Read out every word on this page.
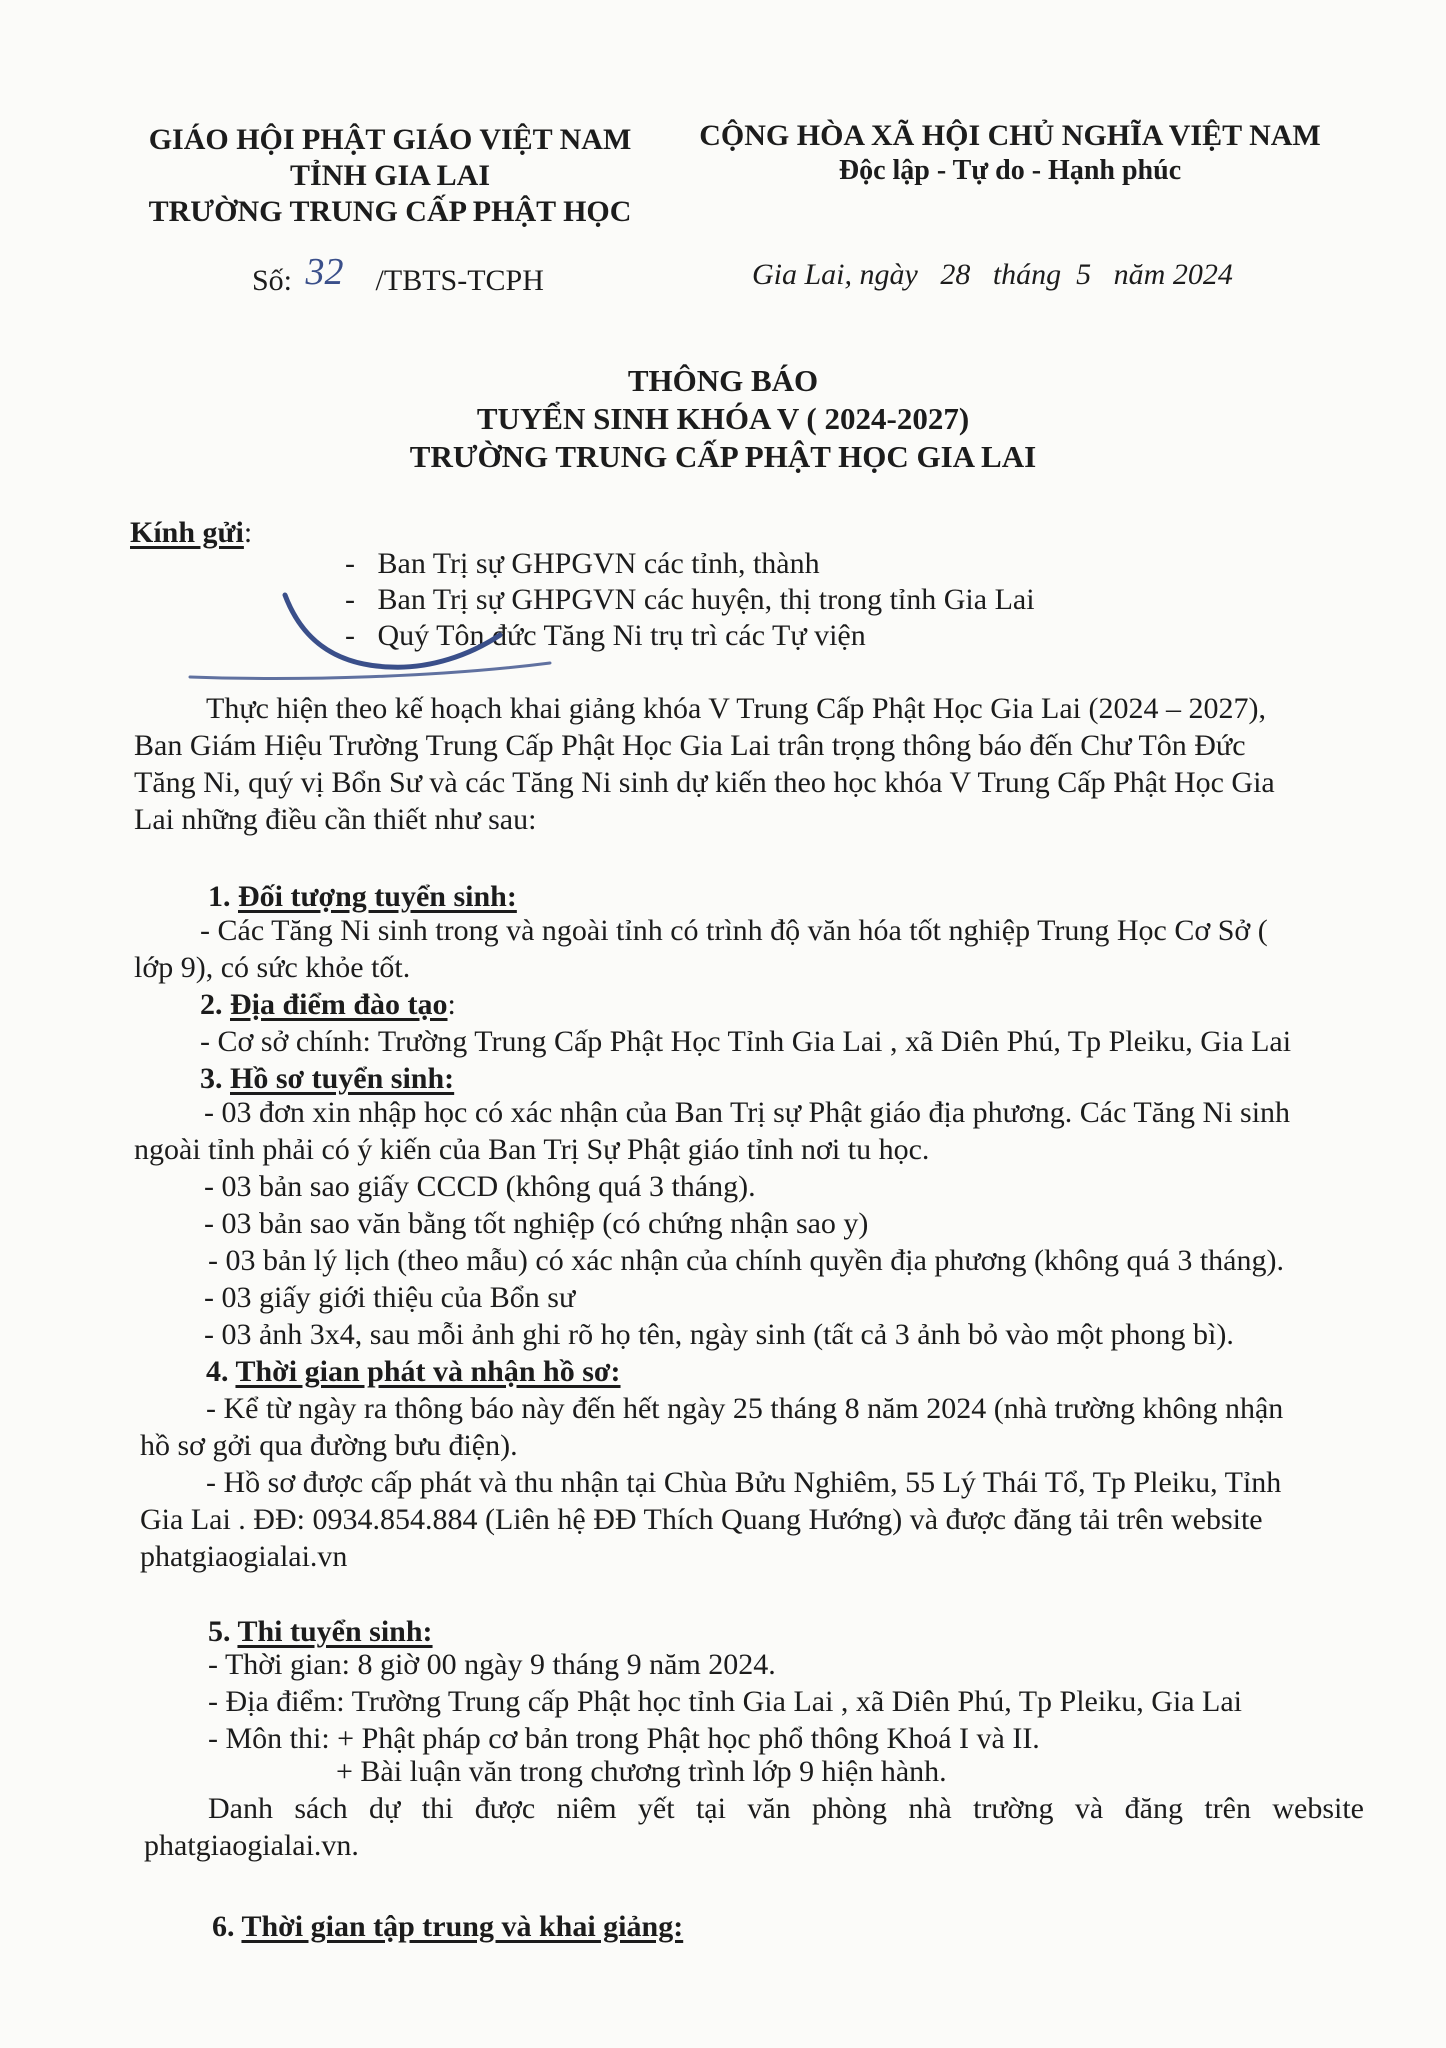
GIÁO HỘI PHẬT GIÁO VIỆT NAM
TỈNH GIA LAI
TRƯỜNG TRUNG CẤP PHẬT HỌC
CỘNG HÒA XÃ HỘI CHỦ NGHĨA VIỆT NAM
Độc lập - Tự do - Hạnh phúc
Số: 32 /TBTS-TCPH	Gia Lai, ngày   28   tháng  5   năm 2024
THÔNG BÁO
TUYỂN SINH KHÓA V ( 2024-2027)
TRƯỜNG TRUNG CẤP PHẬT HỌC GIA LAI
Kính gửi:
-   Ban Trị sự GHPGVN các tỉnh, thành
-   Ban Trị sự GHPGVN các huyện, thị trong tỉnh Gia Lai
-   Quý Tôn đức Tăng Ni trụ trì các Tự viện
Thực hiện theo kế hoạch khai giảng khóa V Trung Cấp Phật Học Gia Lai (2024 – 2027),
Ban Giám Hiệu Trường Trung Cấp Phật Học Gia Lai trân trọng thông báo đến Chư Tôn Đức
Tăng Ni, quý vị Bổn Sư và các Tăng Ni sinh dự kiến theo học khóa V Trung Cấp Phật Học Gia
Lai những điều cần thiết như sau:
1. Đối tượng tuyển sinh:
- Các Tăng Ni sinh trong và ngoài tỉnh có trình độ văn hóa tốt nghiệp Trung Học Cơ Sở (
lớp 9), có sức khỏe tốt.
2. Địa điểm đào tạo:
- Cơ sở chính: Trường Trung Cấp Phật Học Tỉnh Gia Lai , xã Diên Phú, Tp Pleiku, Gia Lai
3. Hồ sơ tuyển sinh:
- 03 đơn xin nhập học có xác nhận của Ban Trị sự Phật giáo địa phương. Các Tăng Ni sinh
ngoài tỉnh phải có ý kiến của Ban Trị Sự Phật giáo tỉnh nơi tu học.
- 03 bản sao giấy CCCD (không quá 3 tháng).
- 03 bản sao văn bằng tốt nghiệp (có chứng nhận sao y)
- 03 bản lý lịch (theo mẫu) có xác nhận của chính quyền địa phương (không quá 3 tháng).
- 03 giấy giới thiệu của Bổn sư
- 03 ảnh 3x4, sau mỗi ảnh ghi rõ họ tên, ngày sinh (tất cả 3 ảnh bỏ vào một phong bì).
4. Thời gian phát và nhận hồ sơ:
- Kể từ ngày ra thông báo này đến hết ngày 25 tháng 8 năm 2024 (nhà trường không nhận
hồ sơ gởi qua đường bưu điện).
- Hồ sơ được cấp phát và thu nhận tại Chùa Bửu Nghiêm, 55 Lý Thái Tổ, Tp Pleiku, Tỉnh
Gia Lai . ĐĐ: 0934.854.884 (Liên hệ ĐĐ Thích Quang Hướng) và được đăng tải trên website
phatgiaogialai.vn
5. Thi tuyển sinh:
- Thời gian: 8 giờ 00 ngày 9 tháng 9 năm 2024.
- Địa điểm: Trường Trung cấp Phật học tỉnh Gia Lai , xã Diên Phú, Tp Pleiku, Gia Lai
- Môn thi: + Phật pháp cơ bản trong Phật học phổ thông Khoá I và II.
+ Bài luận văn trong chương trình lớp 9 hiện hành.
Danh sách dự thi được niêm yết tại văn phòng nhà trường và đăng trên website
phatgiaogialai.vn.
6. Thời gian tập trung và khai giảng:
